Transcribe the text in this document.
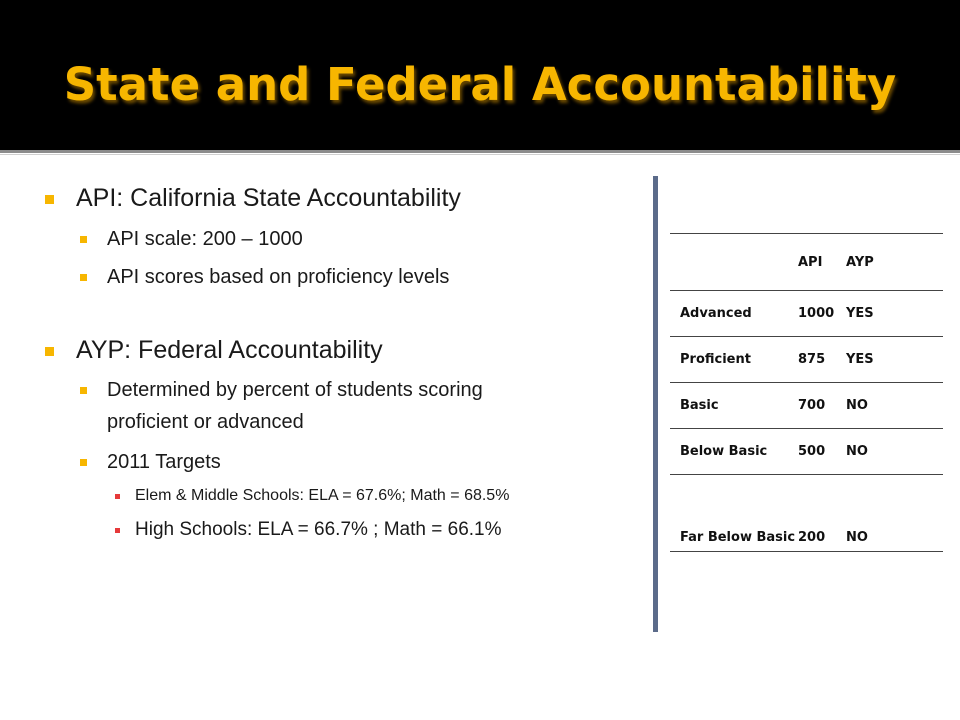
State and Federal Accountability
API: California State Accountability
API scale: 200 – 1000
API scores based on proficiency levels
AYP: Federal Accountability
Determined by percent of students scoring
proficient or advanced
2011 Targets
Elem & Middle Schools: ELA = 67.6%; Math = 68.5%
High Schools: ELA = 66.7% ; Math = 66.1%
	API	AYP
Advanced	1000	YES
Proficient	875	YES
Basic	700	NO
Below Basic	500	NO
Far Below Basic	200	NO
